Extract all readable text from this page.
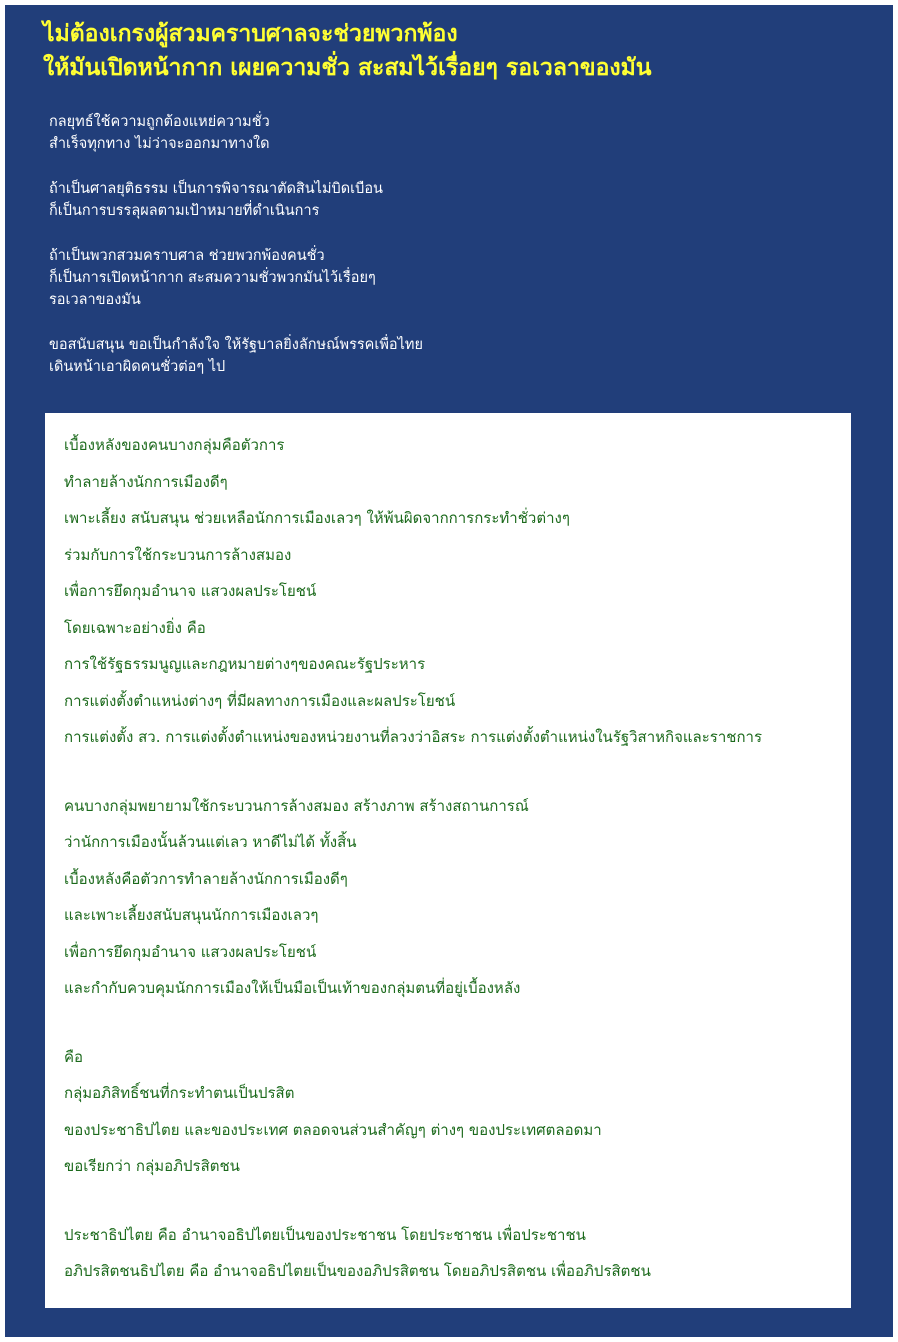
ไม่ต้องเกรงผู้สวมคราบศาลจะช่วยพวกพ้อง
ให้มันเปิดหน้ากาก เผยความชั่ว สะสมไว้เรื่อยๆ รอเวลาของมัน

กลยุทธ์ใช้ความถูกต้องแหย่ความชั่ว
สำเร็จทุกทาง ไม่ว่าจะออกมาทางใด

ถ้าเป็นศาลยุติธรรม เป็นการพิจารณาตัดสินไม่บิดเบือน
ก็เป็นการบรรลุผลตามเป้าหมายที่ดำเนินการ

ถ้าเป็นพวกสวมคราบศาล ช่วยพวกพ้องคนชั่ว
ก็เป็นการเปิดหน้ากาก สะสมความชั่วพวกมันไว้เรื่อยๆ
รอเวลาของมัน

ขอสนับสนุน ขอเป็นกำลังใจ ให้รัฐบาลยิ่งลักษณ์พรรคเพื่อไทย
เดินหน้าเอาผิดคนชั่วต่อๆ ไป

เบื้องหลังของคนบางกลุ่มคือตัวการ
ทำลายล้างนักการเมืองดีๆ
เพาะเลี้ยง สนับสนุน ช่วยเหลือนักการเมืองเลวๆ ให้พ้นผิดจากการกระทำชั่วต่างๆ
ร่วมกับการใช้กระบวนการล้างสมอง
เพื่อการยึดกุมอำนาจ แสวงผลประโยชน์
โดยเฉพาะอย่างยิ่ง คือ
การใช้รัฐธรรมนูญและกฎหมายต่างๆของคณะรัฐประหาร
การแต่งตั้งตำแหน่งต่างๆ ที่มีผลทางการเมืองและผลประโยชน์
การแต่งตั้ง สว. การแต่งตั้งตำแหน่งของหน่วยงานที่ลวงว่าอิสระ การแต่งตั้งตำแหน่งในรัฐวิสาหกิจและราชการ
คนบางกลุ่มพยายามใช้กระบวนการล้างสมอง สร้างภาพ สร้างสถานการณ์
ว่านักการเมืองนั้นล้วนแต่เลว หาดีไม่ได้ ทั้งสิ้น
เบื้องหลังคือตัวการทำลายล้างนักการเมืองดีๆ
และเพาะเลี้ยงสนับสนุนนักการเมืองเลวๆ
เพื่อการยึดกุมอำนาจ แสวงผลประโยชน์
และกำกับควบคุมนักการเมืองให้เป็นมือเป็นเท้าของกลุ่มตนที่อยู่เบื้องหลัง
คือ
กลุ่มอภิสิทธิ์ชนที่กระทำตนเป็นปรสิต
ของประชาธิปไตย และของประเทศ ตลอดจนส่วนสำคัญๆ ต่างๆ ของประเทศตลอดมา
ขอเรียกว่า กลุ่มอภิปรสิตชน
ประชาธิปไตย คือ อำนาจอธิปไตยเป็นของประชาชน โดยประชาชน เพื่อประชาชน
อภิปรสิตชนธิปไตย คือ อำนาจอธิปไตยเป็นของอภิปรสิตชน โดยอภิปรสิตชน เพื่ออภิปรสิตชน
